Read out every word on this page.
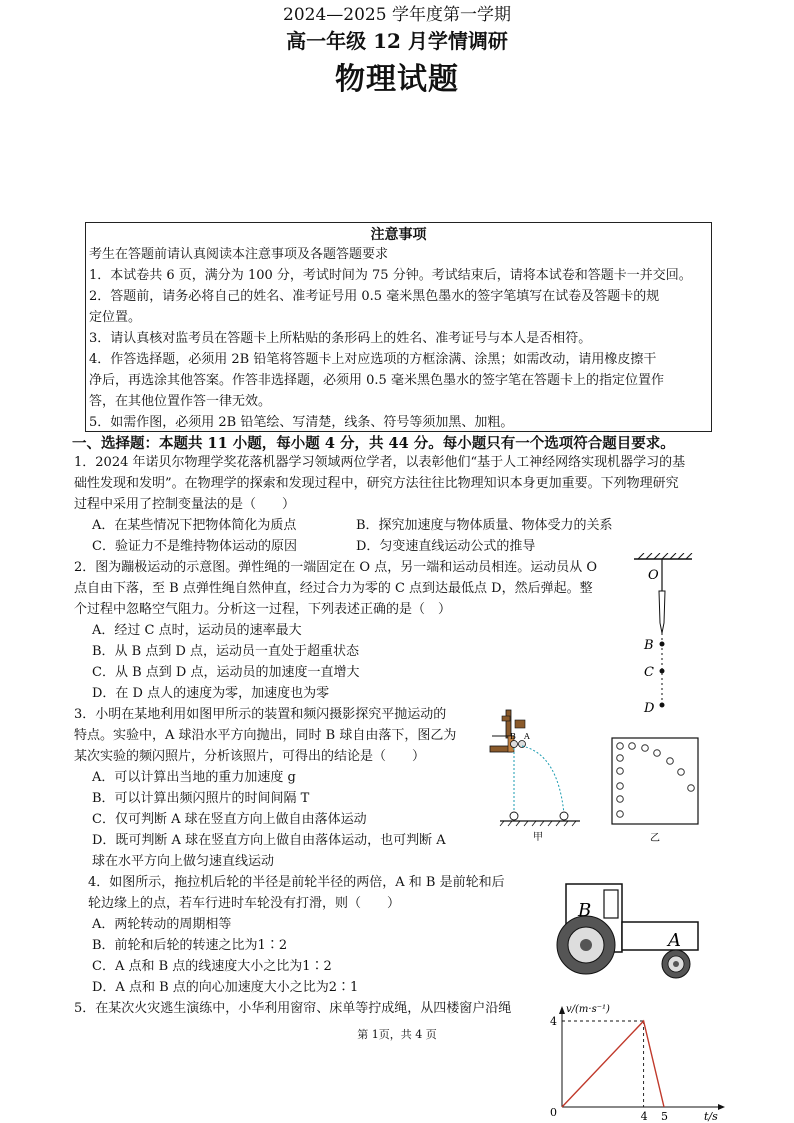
2024—2025 学年度第一学期
高一年级 12 月学情调研
物理试题
注意事项
考生在答题前请认真阅读本注意事项及各题答题要求
1．本试卷共 6 页，满分为 100 分，考试时间为 75 分钟。考试结束后，请将本试卷和答题卡一并交回。
2．答题前，请务必将自己的姓名、准考证号用 0.5 毫米黑色墨水的签字笔填写在试卷及答题卡的规
定位置。
3．请认真核对监考员在答题卡上所粘贴的条形码上的姓名、准考证号与本人是否相符。
4．作答选择题，必须用 2B 铅笔将答题卡上对应选项的方框涂满、涂黑；如需改动，请用橡皮擦干
净后，再选涂其他答案。作答非选择题，必须用 0.5 毫米黑色墨水的签字笔在答题卡上的指定位置作
答，在其他位置作答一律无效。
5．如需作图，必须用 2B 铅笔绘、写清楚，线条、符号等须加黑、加粗。
一、选择题：本题共 11 小题，每小题 4 分，共 44 分。每小题只有一个选项符合题目要求。
1．2024 年诺贝尔物理学奖花落机器学习领域两位学者，以表彰他们“基于人工神经网络实现机器学习的基
础性发现和发明”。在物理学的探索和发现过程中，研究方法往往比物理知识本身更加重要。下列物理研究
过程中采用了控制变量法的是（　　）
A．在某些情况下把物体简化为质点	B．探究加速度与物体质量、物体受力的关系
C．验证力不是维持物体运动的原因	D．匀变速直线运动公式的推导
2．图为蹦极运动的示意图。弹性绳的一端固定在 O 点，另一端和运动员相连。运动员从 O
点自由下落，至 B 点弹性绳自然伸直，经过合力为零的 C 点到达最低点 D，然后弹起。整
个过程中忽略空气阻力。分析这一过程，下列表述正确的是（　）
A．经过 C 点时，运动员的速率最大
B．从 B 点到 D 点，运动员一直处于超重状态
C．从 B 点到 D 点，运动员的加速度一直增大
D．在 D 点人的速度为零，加速度也为零
O
B
C
D
3．小明在某地利用如图甲所示的装置和频闪摄影探究平抛运动的
特点。实验中，A 球沿水平方向抛出，同时 B 球自由落下，图乙为
某次实验的频闪照片，分析该照片，可得出的结论是（　　）
A．可以计算出当地的重力加速度 g
B．可以计算出频闪照片的时间间隔 T
C．仅可判断 A 球在竖直方向上做自由落体运动
D．既可判断 A 球在竖直方向上做自由落体运动，也可判断 A
球在水平方向上做匀速直线运动
B A
甲	乙
4．如图所示，拖拉机后轮的半径是前轮半径的两倍，A 和 B 是前轮和后
轮边缘上的点，若车行进时车轮没有打滑，则（　　）
A．两轮转动的周期相等
B．前轮和后轮的转速之比为1∶2
C．A 点和 B 点的线速度大小之比为1∶2
D．A 点和 B 点的向心加速度大小之比为2∶1
B
A
5．在某次火灾逃生演练中，小华利用窗帘、床单等拧成绳，从四楼窗户沿绳	v/(m·s⁻¹)
t/s
0
4
4 5
第 1页，共 4 页
